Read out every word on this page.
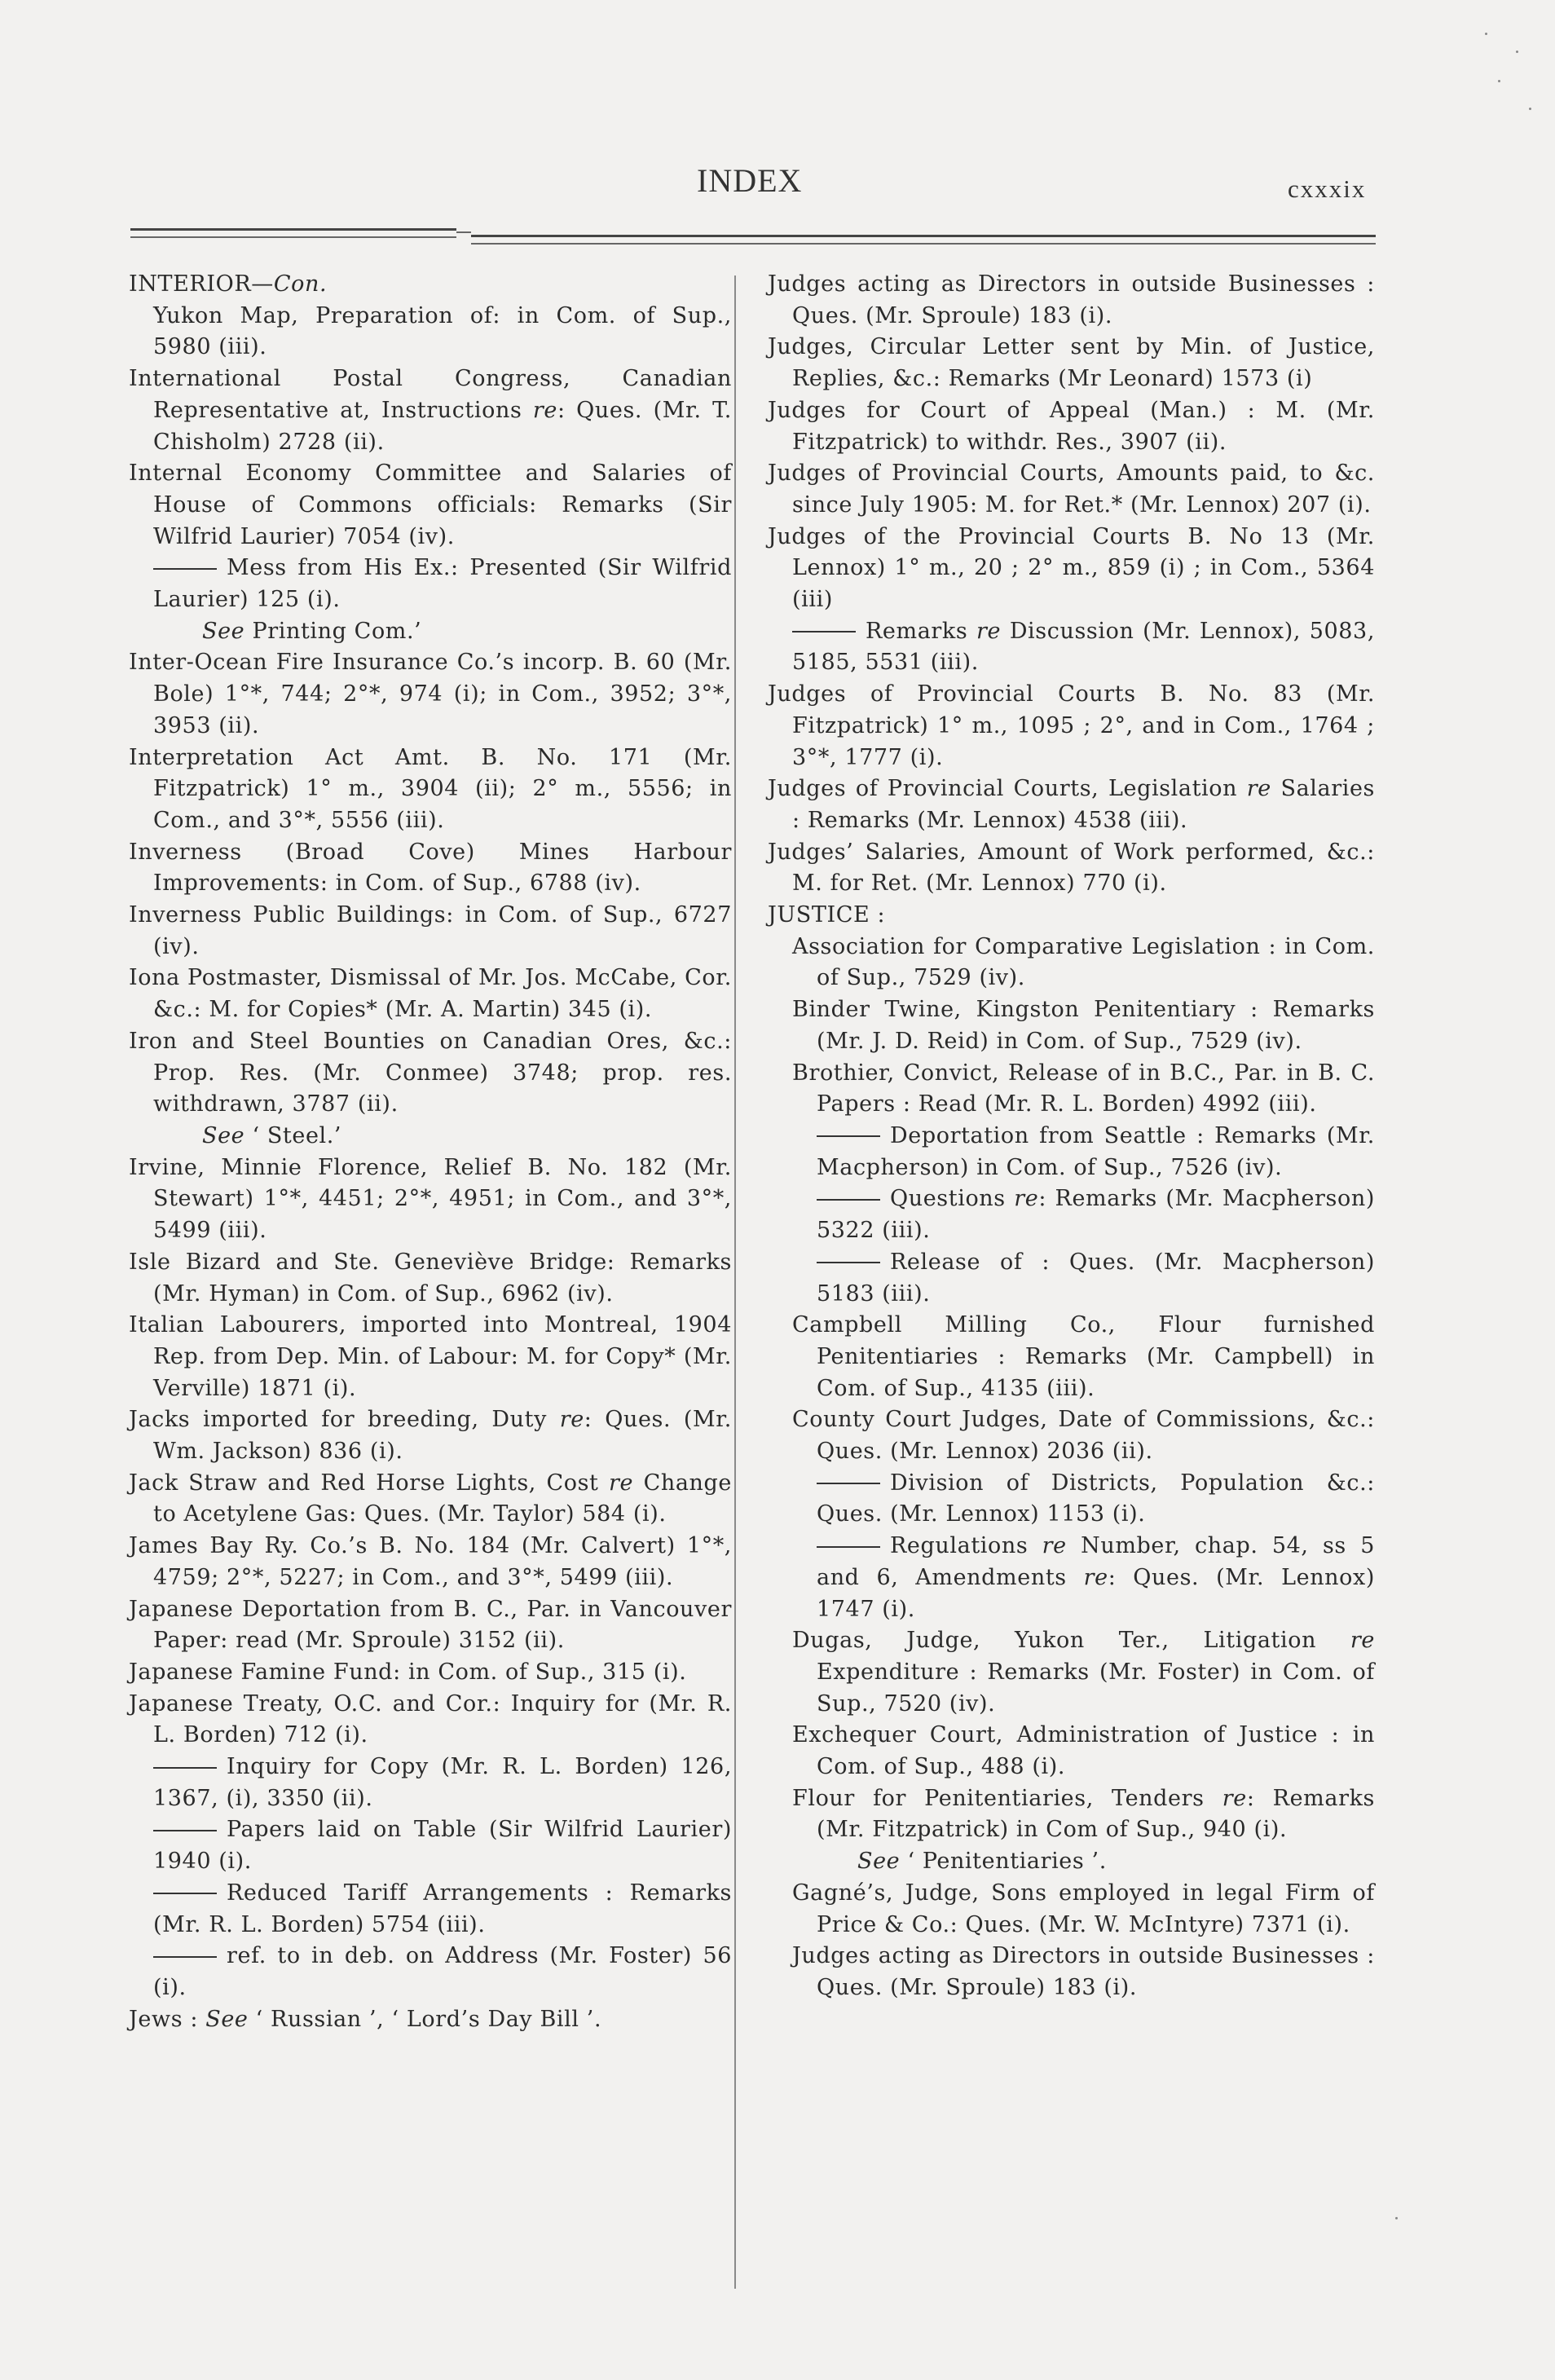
INDEX	cxxxix
INTERIOR—Con.
Yukon Map, Preparation of: in Com. of Sup., 5980 (iii).
International Postal Congress, Canadian Representative at, Instructions re: Ques. (Mr. T. Chisholm) 2728 (ii).
Internal Economy Committee and Salaries of House of Commons officials: Remarks (Sir Wilfrid Laurier) 7054 (iv).
Mess from His Ex.: Presented (Sir Wilfrid Laurier) 125 (i).
See Printing Com.’
Inter-Ocean Fire Insurance Co.’s incorp. B. 60 (Mr. Bole) 1°*, 744; 2°*, 974 (i); in Com., 3952; 3°*, 3953 (ii).
Interpretation Act Amt. B. No. 171 (Mr. Fitzpatrick) 1° m., 3904 (ii); 2° m., 5556; in Com., and 3°*, 5556 (iii).
Inverness (Broad Cove) Mines Harbour Improvements: in Com. of Sup., 6788 (iv).
Inverness Public Buildings: in Com. of Sup., 6727 (iv).
Iona Postmaster, Dismissal of Mr. Jos. McCabe, Cor. &c.: M. for Copies* (Mr. A. Martin) 345 (i).
Iron and Steel Bounties on Canadian Ores, &c.: Prop. Res. (Mr. Conmee) 3748; prop. res. withdrawn, 3787 (ii).
See ‘ Steel.’
Irvine, Minnie Florence, Relief B. No. 182 (Mr. Stewart) 1°*, 4451; 2°*, 4951; in Com., and 3°*, 5499 (iii).
Isle Bizard and Ste. Geneviève Bridge: Remarks (Mr. Hyman) in Com. of Sup., 6962 (iv).
Italian Labourers, imported into Montreal, 1904 Rep. from Dep. Min. of Labour: M. for Copy* (Mr. Verville) 1871 (i).
Jacks imported for breeding, Duty re: Ques. (Mr. Wm. Jackson) 836 (i).
Jack Straw and Red Horse Lights, Cost re Change to Acetylene Gas: Ques. (Mr. Taylor) 584 (i).
James Bay Ry. Co.’s B. No. 184 (Mr. Calvert) 1°*, 4759; 2°*, 5227; in Com., and 3°*, 5499 (iii).
Japanese Deportation from B. C., Par. in Vancouver Paper: read (Mr. Sproule) 3152 (ii).
Japanese Famine Fund: in Com. of Sup., 315 (i).
Japanese Treaty, O.C. and Cor.: Inquiry for (Mr. R. L. Borden) 712 (i).
Inquiry for Copy (Mr. R. L. Borden) 126, 1367, (i), 3350 (ii).
Papers laid on Table (Sir Wilfrid Laurier) 1940 (i).
Reduced Tariff Arrangements : Remarks (Mr. R. L. Borden) 5754 (iii).
ref. to in deb. on Address (Mr. Foster) 56 (i).
Jews : See ‘ Russian ’, ‘ Lord’s Day Bill ’.
Judges acting as Directors in outside Businesses : Ques. (Mr. Sproule) 183 (i).
Judges, Circular Letter sent by Min. of Justice, Replies, &c.: Remarks (Mr Leonard) 1573 (i)
Judges for Court of Appeal (Man.) : M. (Mr. Fitzpatrick) to withdr. Res., 3907 (ii).
Judges of Provincial Courts, Amounts paid, to &c. since July 1905: M. for Ret.* (Mr. Lennox) 207 (i).
Judges of the Provincial Courts B. No 13 (Mr. Lennox) 1° m., 20 ; 2° m., 859 (i) ; in Com., 5364 (iii)
Remarks re Discussion (Mr. Lennox), 5083, 5185, 5531 (iii).
Judges of Provincial Courts B. No. 83 (Mr. Fitzpatrick) 1° m., 1095 ; 2°, and in Com., 1764 ; 3°*, 1777 (i).
Judges of Provincial Courts, Legislation re Salaries : Remarks (Mr. Lennox) 4538 (iii).
Judges’ Salaries, Amount of Work performed, &c.: M. for Ret. (Mr. Lennox) 770 (i).
JUSTICE :
Association for Comparative Legislation : in Com. of Sup., 7529 (iv).
Binder Twine, Kingston Penitentiary : Remarks (Mr. J. D. Reid) in Com. of Sup., 7529 (iv).
Brothier, Convict, Release of in B.C., Par. in B. C. Papers : Read (Mr. R. L. Borden) 4992 (iii).
Deportation from Seattle : Remarks (Mr. Macpherson) in Com. of Sup., 7526 (iv).
Questions re: Remarks (Mr. Macpherson) 5322 (iii).
Release of : Ques. (Mr. Macpherson) 5183 (iii).
Campbell Milling Co., Flour furnished Penitentiaries : Remarks (Mr. Campbell) in Com. of Sup., 4135 (iii).
County Court Judges, Date of Commissions, &c.: Ques. (Mr. Lennox) 2036 (ii).
Division of Districts, Population &c.: Ques. (Mr. Lennox) 1153 (i).
Regulations re Number, chap. 54, ss 5 and 6, Amendments re: Ques. (Mr. Lennox) 1747 (i).
Dugas, Judge, Yukon Ter., Litigation re Expenditure : Remarks (Mr. Foster) in Com. of Sup., 7520 (iv).
Exchequer Court, Administration of Justice : in Com. of Sup., 488 (i).
Flour for Penitentiaries, Tenders re: Remarks (Mr. Fitzpatrick) in Com of Sup., 940 (i).
See ‘ Penitentiaries ’.
Gagné’s, Judge, Sons employed in legal Firm of Price & Co.: Ques. (Mr. W. McIntyre) 7371 (i).
Judges acting as Directors in outside Businesses : Ques. (Mr. Sproule) 183 (i).
